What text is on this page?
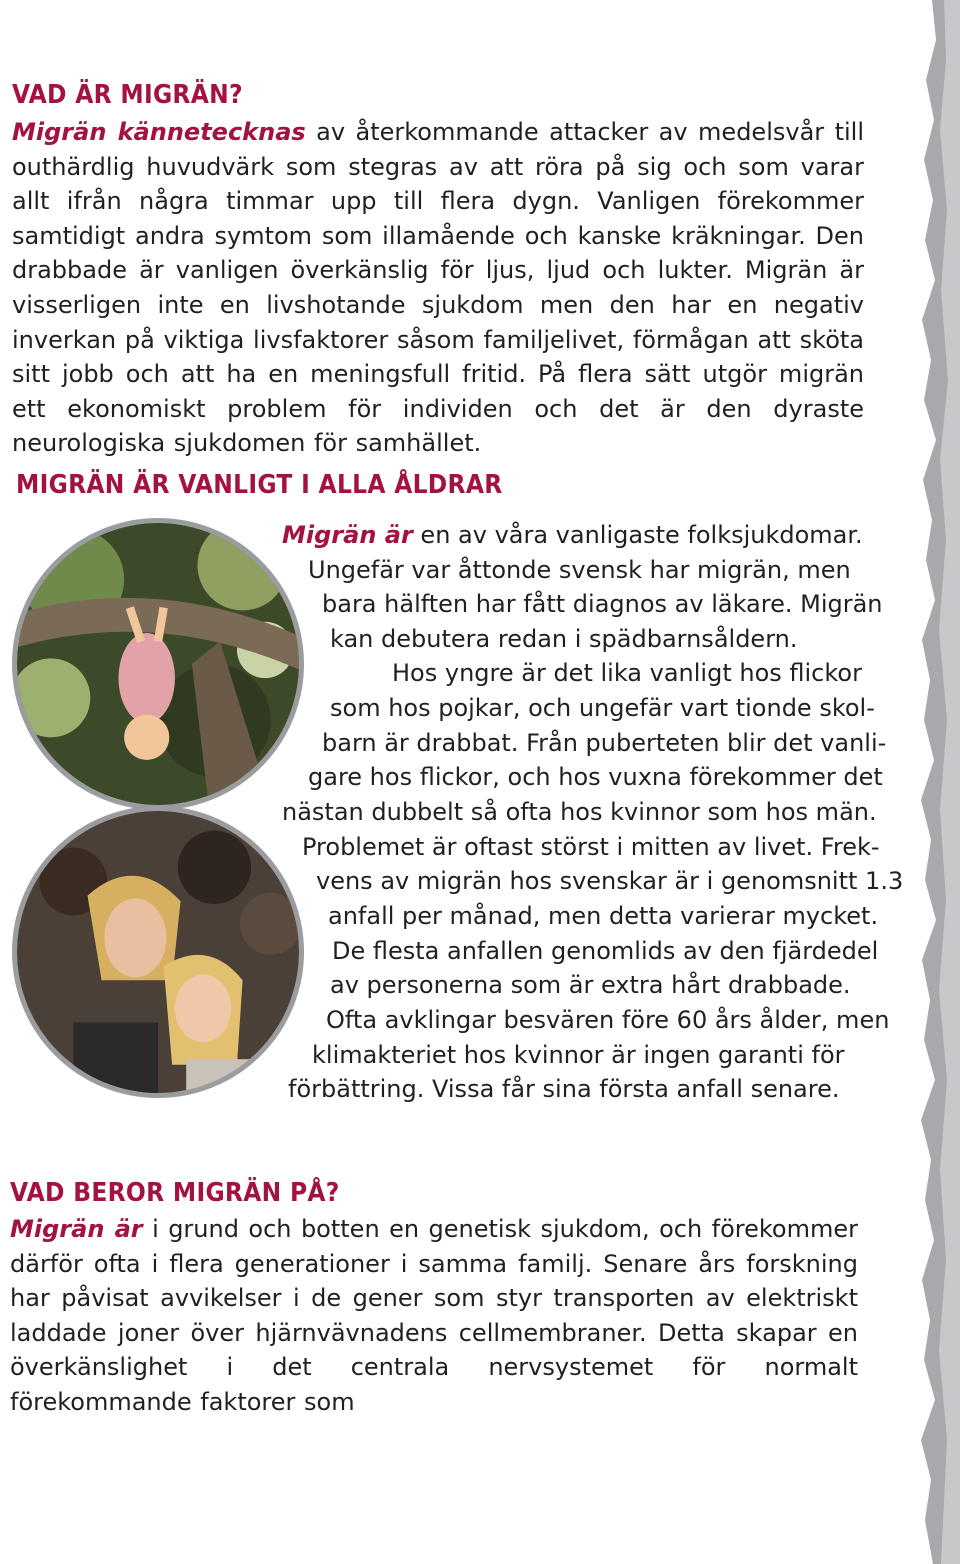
VAD ÄR MIGRÄN?

Migrän kännetecknas av återkommande attacker av medelsvår till outhärdlig huvudvärk som stegras av att röra på sig och som varar allt ifrån några timmar upp till flera dygn. Vanligen förekommer samtidigt andra symtom som illamående och kanske kräkningar. Den drabbade är vanligen överkänslig för ljus, ljud och lukter. Migrän är visserligen inte en livshotande sjukdom men den har en negativ inverkan på viktiga livsfaktorer såsom familjelivet, förmågan att sköta sitt jobb och att ha en meningsfull fritid. På flera sätt utgör migrän ett ekonomiskt problem för individen och det är den dyraste neurologiska sjukdomen för samhället.

MIGRÄN ÄR VANLIGT I ALLA ÅLDRAR
Migrän är en av våra vanligaste folksjukdomar.
Ungefär var åttonde svensk har migrän, men
bara hälften har fått diagnos av läkare. Migrän
kan debutera redan i spädbarnsåldern.
Hos yngre är det lika vanligt hos flickor
som hos pojkar, och ungefär vart tionde skol-
barn är drabbat. Från puberteten blir det vanli-
gare hos flickor, och hos vuxna förekommer det
nästan dubbelt så ofta hos kvinnor som hos män.
Problemet är oftast störst i mitten av livet. Frek-
vens av migrän hos svenskar är i genomsnitt 1.3
anfall per månad, men detta varierar mycket.
De flesta anfallen genomlids av den fjärdedel
av personerna som är extra hårt drabbade.
Ofta avklingar besvären före 60 års ålder, men
klimakteriet hos kvinnor är ingen garanti för
förbättring. Vissa får sina första anfall senare.
VAD BEROR MIGRÄN PÅ?

Migrän är i grund och botten en genetisk sjukdom, och förekommer därför ofta i flera generationer i samma familj. Senare års forskning har påvisat avvikelser i de gener som styr transporten av elektriskt laddade joner över hjärnvävnadens cellmembraner. Detta skapar en överkänslighet i det centrala nervsystemet för normalt förekommande faktorer som
